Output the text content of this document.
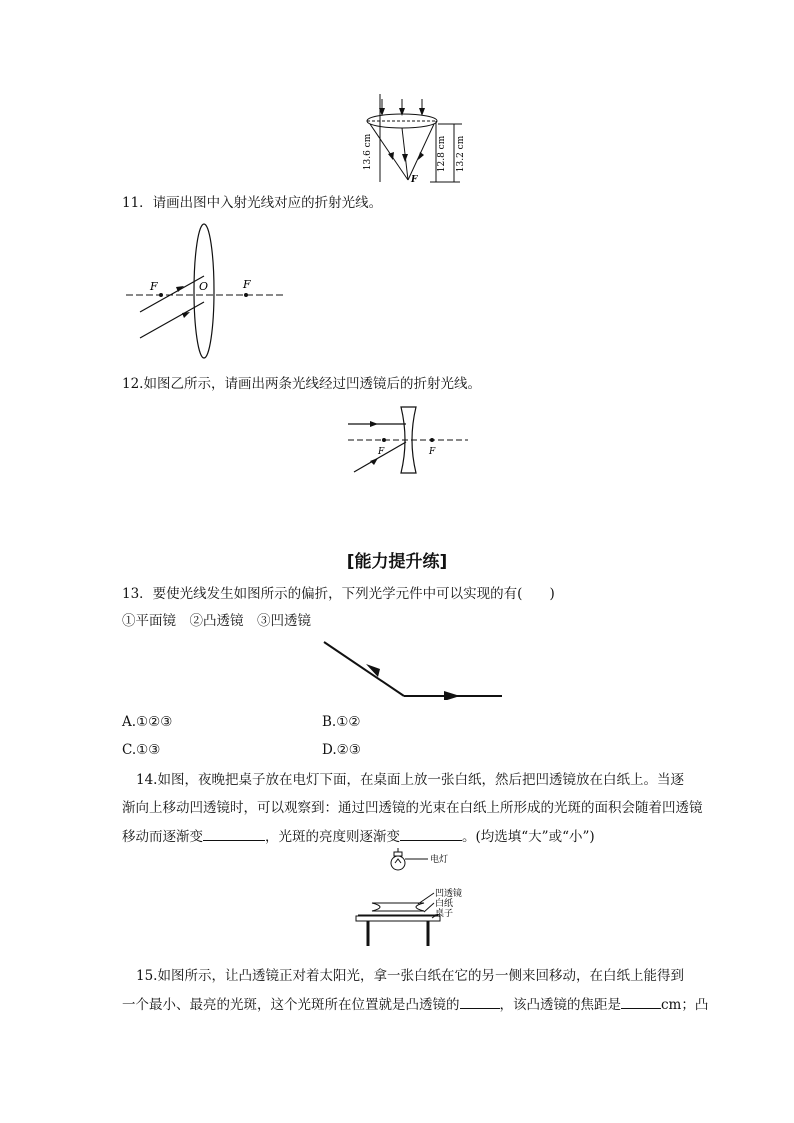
13.6 cm	12.8 cm 13.2 cm
F
11．请画出图中入射光线对应的折射光线。
F	O	F
12.如图乙所示，请画出两条光线经过凹透镜后的折射光线。
F	F
[能力提升练]
13．要使光线发生如图所示的偏折，下列光学元件中可以实现的有(　　)
①平面镜　②凸透镜　③凹透镜
A.①②③	B.①②
C.①③	D.②③
14.如图，夜晚把桌子放在电灯下面，在桌面上放一张白纸，然后把凹透镜放在白纸上。当逐
渐向上移动凹透镜时，可以观察到：通过凹透镜的光束在白纸上所形成的光斑的面积会随着凹透镜
移动而逐渐变	，光斑的亮度则逐渐变	。(均选填“大”或“小”)
电灯
凹透镜
白纸
桌子
15.如图所示，让凸透镜正对着太阳光，拿一张白纸在它的另一侧来回移动，在白纸上能得到
一个最小、最亮的光斑，这个光斑所在位置就是凸透镜的	，该凸透镜的焦距是	cm；凸
